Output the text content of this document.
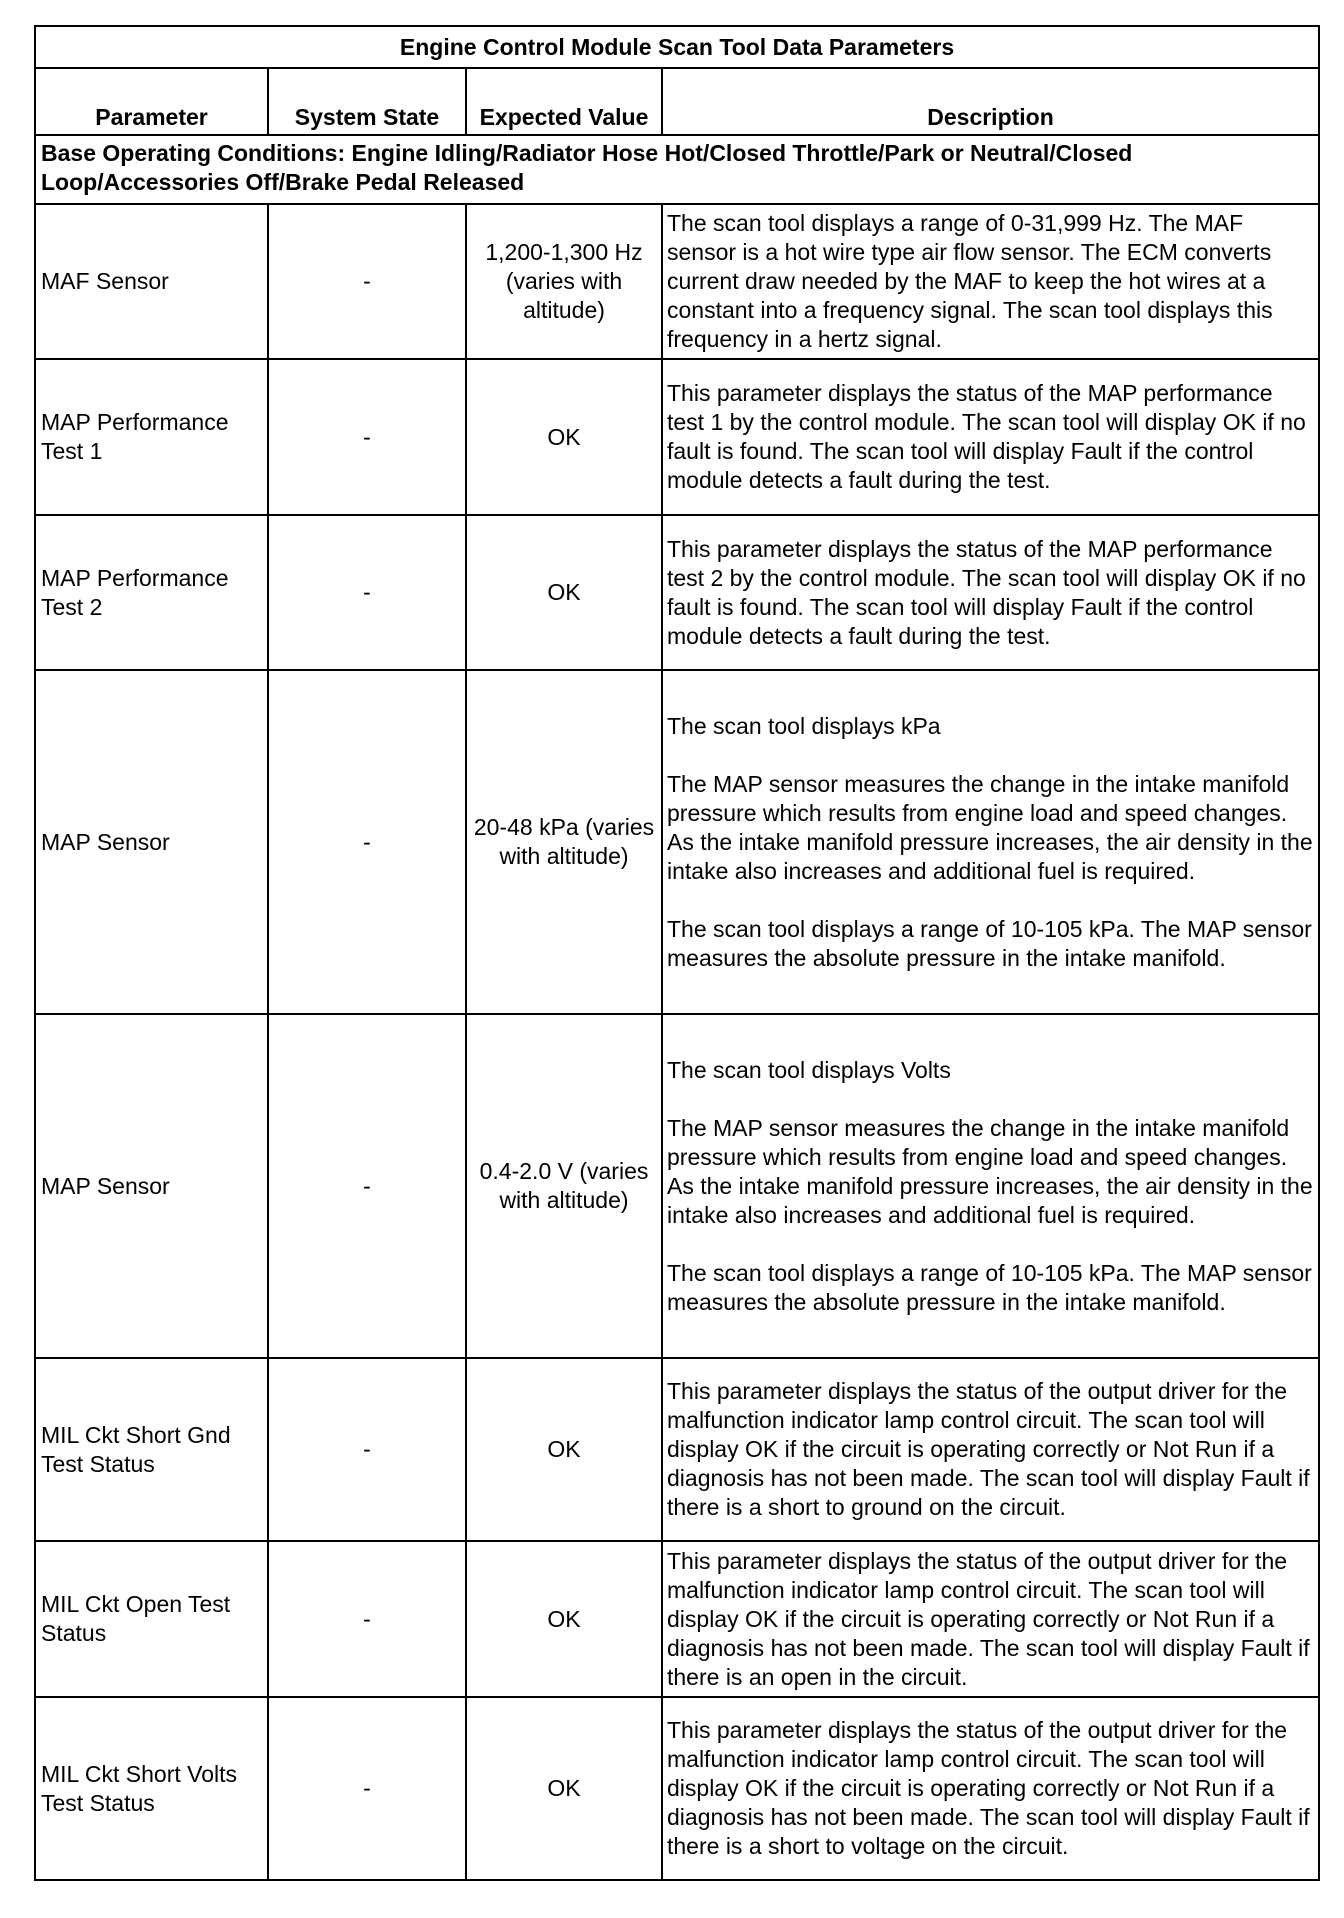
Engine Control Module Scan Tool Data Parameters			
Parameter	System State	Expected Value	Description
Base Operating Conditions: Engine Idling/Radiator Hose Hot/Closed Throttle/Park or Neutral/Closed Loop/Accessories Off/Brake Pedal Released			
MAF Sensor	-	1,200-1,300 Hz (varies with altitude)	The scan tool displays a range of 0-31,999 Hz. The MAF sensor is a hot wire type air flow sensor. The ECM converts current draw needed by the MAF to keep the hot wires at a constant into a frequency signal. The scan tool displays this frequency in a hertz signal.

MAP Performance Test 1	-	OK	This parameter displays the status of the MAP performance test 1 by the control module. The scan tool will display OK if no fault is found. The scan tool will display Fault if the control module detects a fault during the test.

MAP Performance Test 2	-	OK	This parameter displays the status of the MAP performance test 2 by the control module. The scan tool will display OK if no fault is found. The scan tool will display Fault if the control module detects a fault during the test.

MAP Sensor	-	20-48 kPa (varies with altitude)	The scan tool displays kPa

The MAP sensor measures the change in the intake manifold pressure which results from engine load and speed changes. As the intake manifold pressure increases, the air density in the intake also increases and additional fuel is required.

The scan tool displays a range of 10-105 kPa. The MAP sensor measures the absolute pressure in the intake manifold.

MAP Sensor	-	0.4-2.0 V (varies with altitude)	The scan tool displays Volts

The MAP sensor measures the change in the intake manifold pressure which results from engine load and speed changes. As the intake manifold pressure increases, the air density in the intake also increases and additional fuel is required.

The scan tool displays a range of 10-105 kPa. The MAP sensor measures the absolute pressure in the intake manifold.

MIL Ckt Short Gnd Test Status	-	OK	This parameter displays the status of the output driver for the malfunction indicator lamp control circuit. The scan tool will display OK if the circuit is operating correctly or Not Run if a diagnosis has not been made. The scan tool will display Fault if there is a short to ground on the circuit.

MIL Ckt Open Test Status	-	OK	This parameter displays the status of the output driver for the malfunction indicator lamp control circuit. The scan tool will display OK if the circuit is operating correctly or Not Run if a diagnosis has not been made. The scan tool will display Fault if there is an open in the circuit.

MIL Ckt Short Volts Test Status	-	OK	This parameter displays the status of the output driver for the malfunction indicator lamp control circuit. The scan tool will display OK if the circuit is operating correctly or Not Run if a diagnosis has not been made. The scan tool will display Fault if there is a short to voltage on the circuit.
